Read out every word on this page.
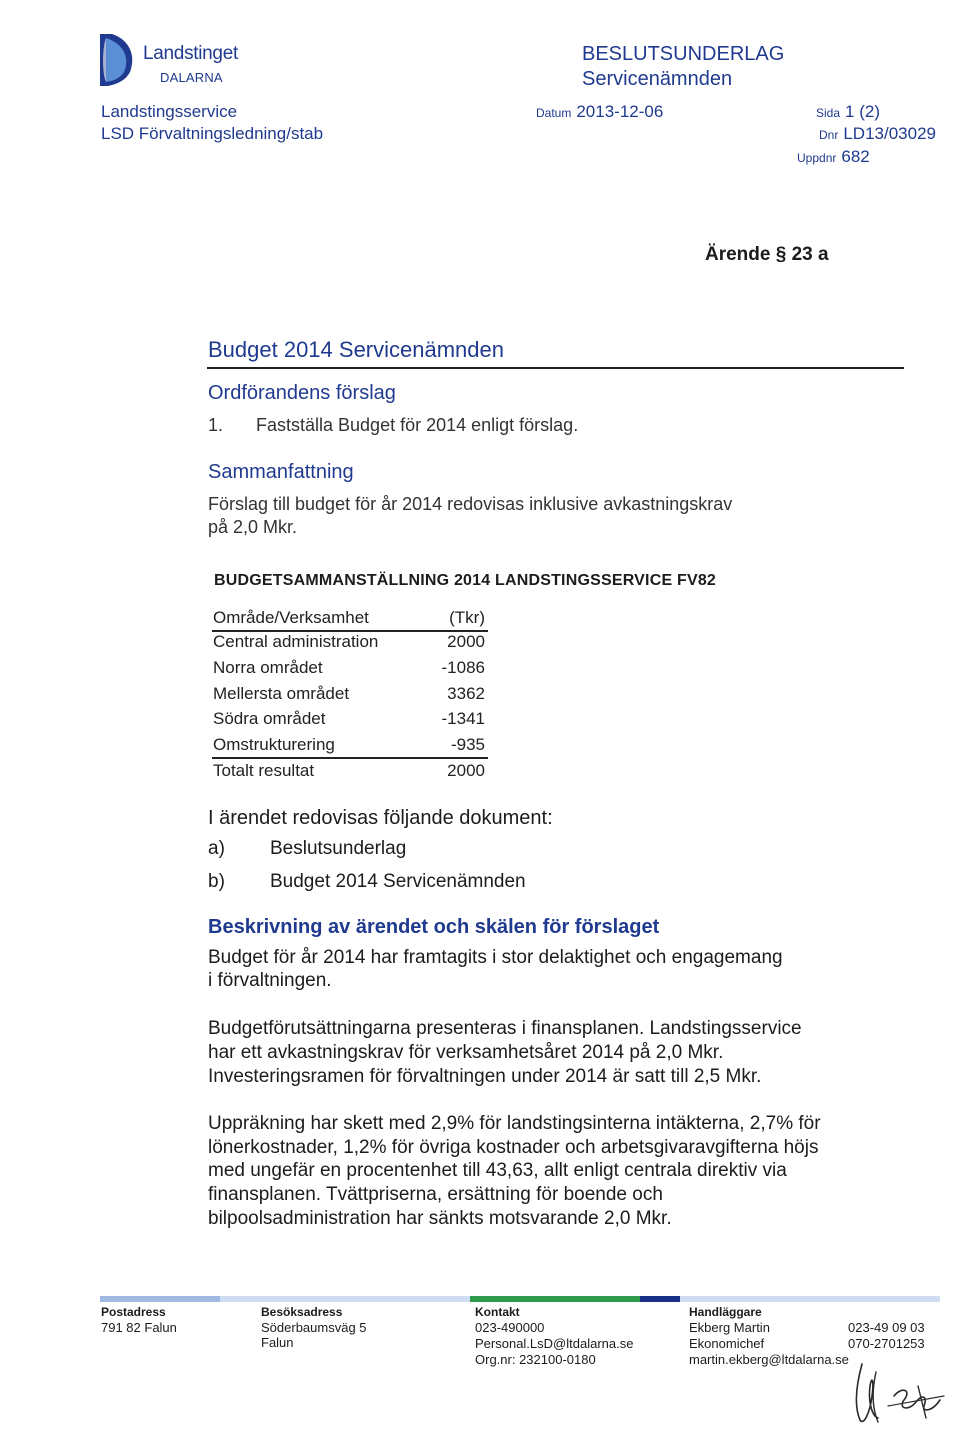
Landstinget
DALARNA
Landstingsservice
LSD Förvaltningsledning/stab
BESLUTSUNDERLAG
Servicenämnden
Datum 2013-12-06	Sida 1 (2)
Dnr LD13/03029
Uppdnr 682
Ärende § 23 a
Budget 2014 Servicenämnden
Ordförandens förslag
1. Fastställa Budget för 2014 enligt förslag.
Sammanfattning
Förslag till budget för år 2014 redovisas inklusive avkastningskrav
på 2,0 Mkr.
BUDGETSAMMANSTÄLLNING 2014 LANDSTINGSSERVICE FV82
Område/Verksamhet	(Tkr)
Central administration	2000
Norra området	-1086
Mellersta området	3362
Södra området	-1341
Omstrukturering	-935
Totalt resultat	2000
I ärendet redovisas följande dokument:
a) Beslutsunderlag
b) Budget 2014 Servicenämnden
Beskrivning av ärendet och skälen för förslaget
Budget för år 2014 har framtagits i stor delaktighet och engagemang
i förvaltningen.
Budgetförutsättningarna presenteras i finansplanen. Landstingsservice
har ett avkastningskrav för verksamhetsåret 2014 på 2,0 Mkr.
Investeringsramen för förvaltningen under 2014 är satt till 2,5 Mkr.
Uppräkning har skett med 2,9% för landstingsinterna intäkterna, 2,7% för
lönerkostnader, 1,2% för övriga kostnader och arbetsgivaravgifterna höjs
med ungefär en procentenhet till 43,63, allt enligt centrala direktiv via
finansplanen. Tvättpriserna, ersättning för boende och
bilpoolsadministration har sänkts motsvarande 2,0 Mkr.
Postadress
791 82 Falun
Besöksadress
Söderbaumsväg 5
Falun
Kontakt
023-490000
Personal.LsD@ltdalarna.se
Org.nr: 232100-0180
Handläggare
Ekberg Martin
Ekonomichef
martin.ekberg@ltdalarna.se
023-49 09 03
070-2701253
